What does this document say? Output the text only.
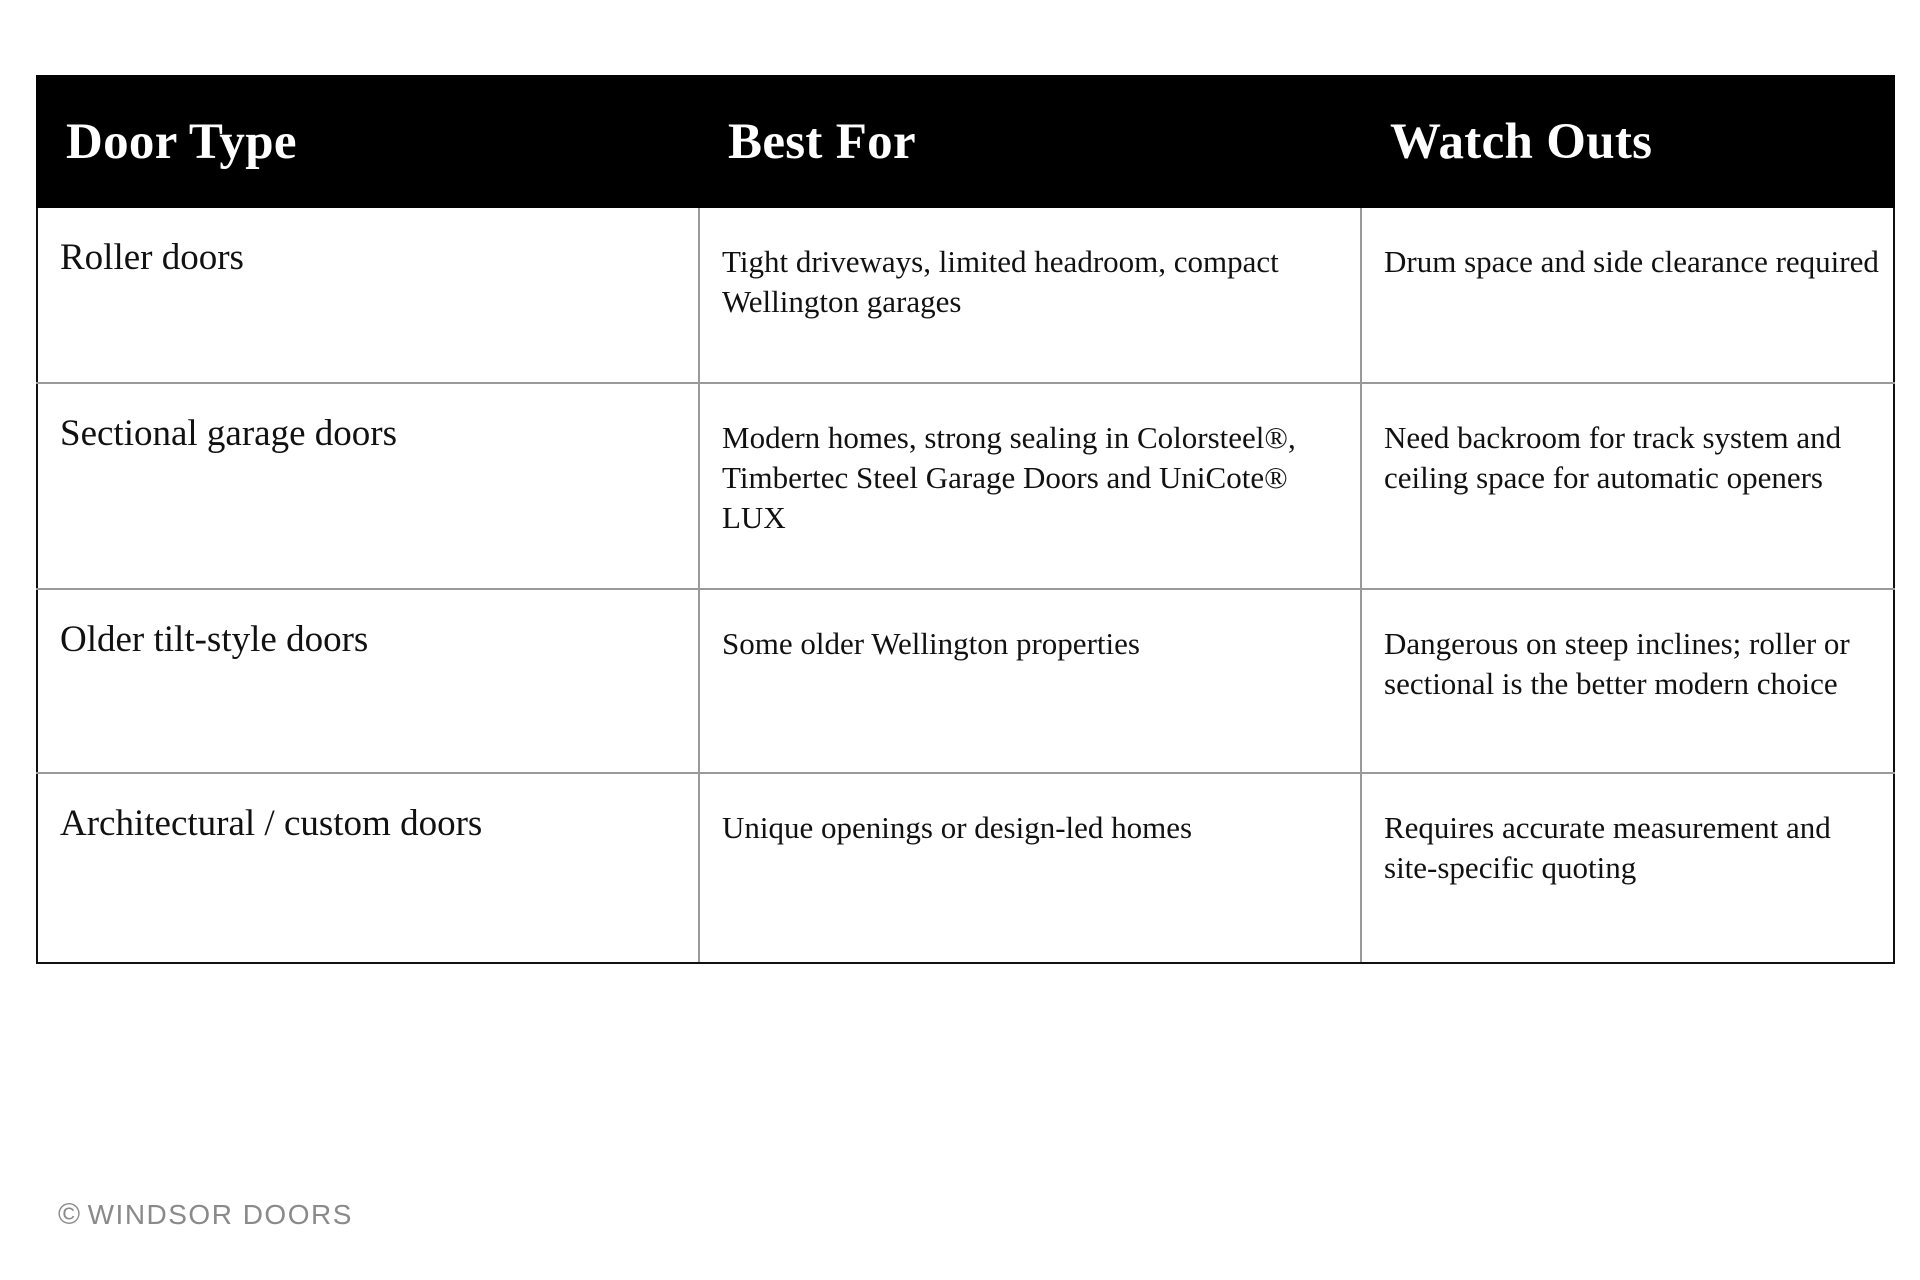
Door Type	Best For	Watch Outs
Roller doors	Tight driveways, limited headroom, compact Wellington garages	Drum space and side clearance required
Sectional garage doors	Modern homes, strong sealing in Colorsteel®, Timbertec Steel Garage Doors and UniCote® LUX	Need backroom for track system and ceiling space for automatic openers
Older tilt-style doors	Some older Wellington properties	Dangerous on steep inclines; roller or sectional is the better modern choice
Architectural / custom doors	Unique openings or design-led homes	Requires accurate measurement and site-specific quoting
© WINDSOR DOORS
